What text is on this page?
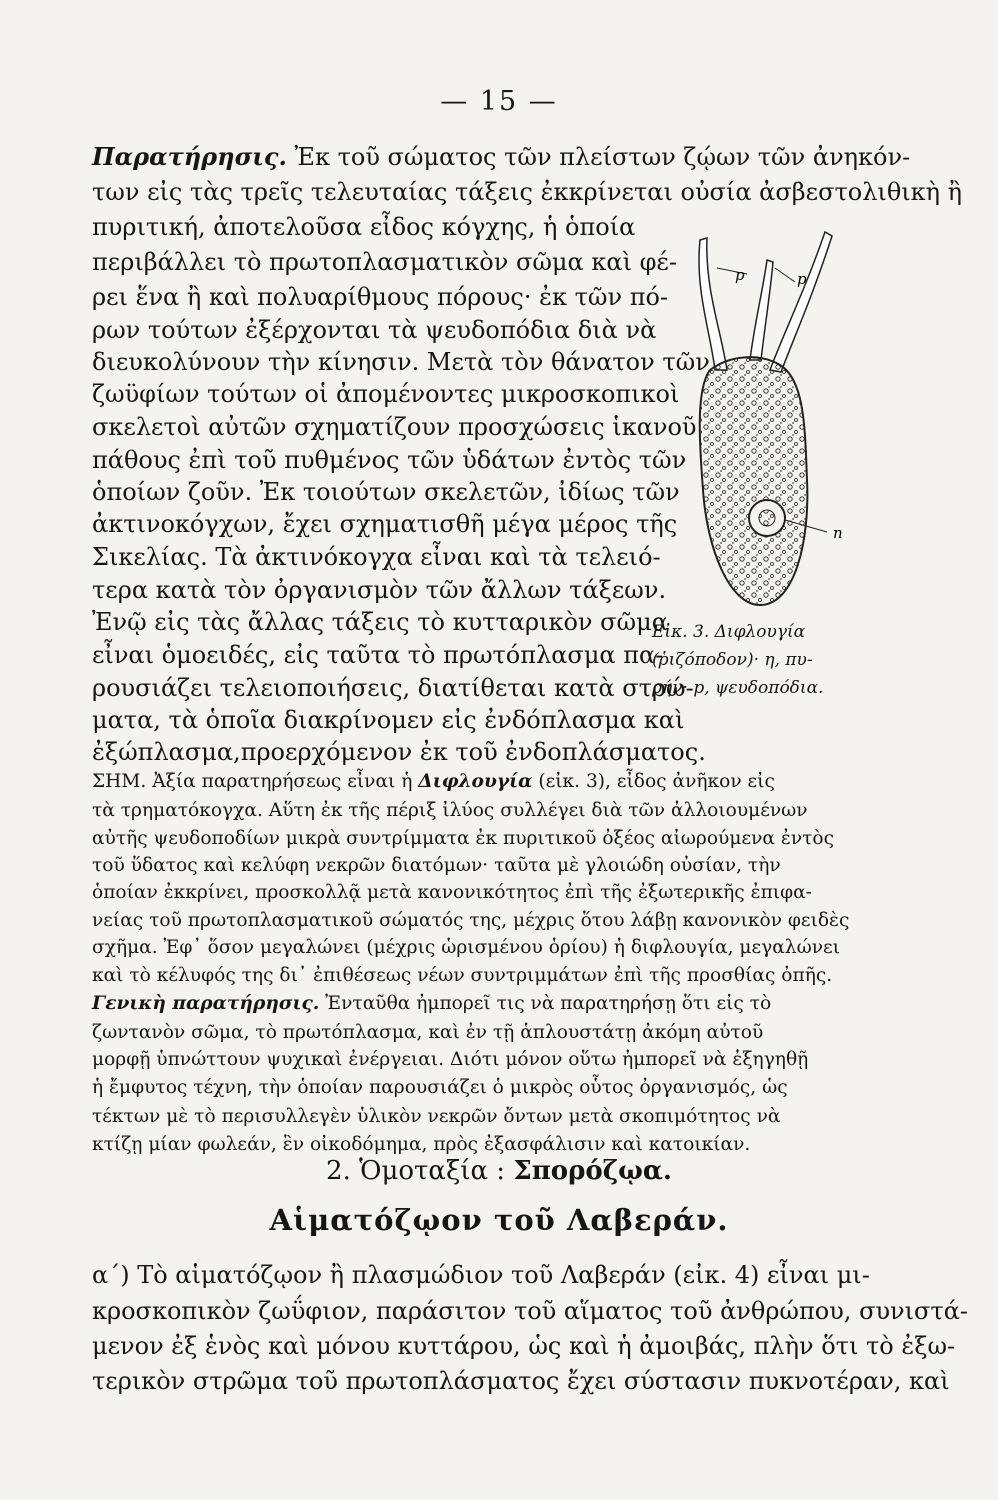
— 15 —
Παρατήρησις. Ἐκ τοῦ σώματος τῶν πλείστων ζῴων τῶν ἀνηκόν-
των εἰς τὰς τρεῖς τελευταίας τάξεις ἐκκρίνεται οὐσία ἀσβεστολιθικὴ ἢ
πυριτική, ἀποτελοῦσα εἶδος κόγχης, ἡ ὁποία
περιβάλλει τὸ πρωτοπλασματικὸν σῶμα καὶ φέ-
ρει ἕνα ἢ καὶ πολυαρίθμους πόρους· ἐκ τῶν πό-
ρων τούτων ἐξέρχονται τὰ ψευδοπόδια διὰ νὰ
διευκολύνουν τὴν κίνησιν. Μετὰ τὸν θάνατον τῶν
ζωϋφίων τούτων οἱ ἀπομένοντες μικροσκοπικοὶ
σκελετοὶ αὐτῶν σχηματίζουν προσχώσεις ἱκανοῦ
πάθους ἐπὶ τοῦ πυθμένος τῶν ὑδάτων ἐντὸς τῶν
ὁποίων ζοῦν. Ἐκ τοιούτων σκελετῶν, ἰδίως τῶν
ἀκτινοκόγχων, ἔχει σχηματισθῆ μέγα μέρος τῆς
Σικελίας. Τὰ ἀκτινόκογχα εἶναι καὶ τὰ τελειό-
τερα κατὰ τὸν ὀργανισμὸν τῶν ἄλλων τάξεων.
Ἐνῷ εἰς τὰς ἄλλας τάξεις τὸ κυτταρικὸν σῶμα
εἶναι ὁμοειδές, εἰς ταῦτα τὸ πρωτόπλασμα πα-
ρουσιάζει τελειοποιήσεις, διατίθεται κατὰ στρώ-
ματα, τὰ ὁποῖα διακρίνομεν εἰς ἐνδόπλασμα καὶ
ἐξώπλασμα,προερχόμενον ἐκ τοῦ ἐνδοπλάσματος.
p	p
n
Εἰκ. 3. Διφλουγία
(ῥιζόποδον)· η, πυ-
ρήν· p, ψευδοπόδια.
ΣΗΜ. Ἀξία παρατηρήσεως εἶναι ἡ Διφλουγία (εἰκ. 3), εἶδος ἀνῆκον εἰς
τὰ τρηματόκογχα. Αὕτη ἐκ τῆς πέριξ ἰλύος συλλέγει διὰ τῶν ἀλλοιουμένων
αὐτῆς ψευδοποδίων μικρὰ συντρίμματα ἐκ πυριτικοῦ ὀξέος αἰωρούμενα ἐντὸς
τοῦ ὕδατος καὶ κελύφη νεκρῶν διατόμων· ταῦτα μὲ γλοιώδη οὐσίαν, τὴν
ὁποίαν ἐκκρίνει, προσκολλᾷ μετὰ κανονικότητος ἐπὶ τῆς ἐξωτερικῆς ἐπιφα-
νείας τοῦ πρωτοπλασματικοῦ σώματός της, μέχρις ὅτου λάβῃ κανονικὸν φειδὲς
σχῆμα. Ἐφ᾽ ὅσον μεγαλώνει (μέχρις ὡρισμένου ὁρίου) ἡ διφλουγία, μεγαλώνει
καὶ τὸ κέλυφός της δι᾽ ἐπιθέσεως νέων συντριμμάτων ἐπὶ τῆς προσθίας ὀπῆς.
Γενικὴ παρατήρησις. Ἐνταῦθα ἠμπορεῖ τις νὰ παρατηρήσῃ ὅτι εἰς τὸ
ζωντανὸν σῶμα, τὸ πρωτόπλασμα, καὶ ἐν τῇ ἁπλουστάτῃ ἀκόμη αὐτοῦ
μορφῇ ὑπνώττουν ψυχικαὶ ἐνέργειαι. Διότι μόνον οὕτω ἠμπορεῖ νὰ ἐξηγηθῇ
ἡ ἔμφυτος τέχνη, τὴν ὁποίαν παρουσιάζει ὁ μικρὸς οὗτος ὀργανισμός, ὡς
τέκτων μὲ τὸ περισυλλεγὲν ὑλικὸν νεκρῶν ὄντων μετὰ σκοπιμότητος νὰ
κτίζῃ μίαν φωλεάν, ἓν οἰκοδόμημα, πρὸς ἐξασφάλισιν καὶ κατοικίαν.
2. Ὁμοταξία : Σπορόζῳα.
Αἱματόζῳον τοῦ Λαβεράν.
α΄) Τὸ αἱματόζῳον ἢ πλασμώδιον τοῦ Λαβεράν (εἰκ. 4) εἶναι μι-
κροσκοπικὸν ζωΰφιον, παράσιτον τοῦ αἵματος τοῦ ἀνθρώπου, συνιστά-
μενον ἐξ ἑνὸς καὶ μόνου κυττάρου, ὡς καὶ ἡ ἀμοιβάς, πλὴν ὅτι τὸ ἐξω-
τερικὸν στρῶμα τοῦ πρωτοπλάσματος ἔχει σύστασιν πυκνοτέραν, καὶ
